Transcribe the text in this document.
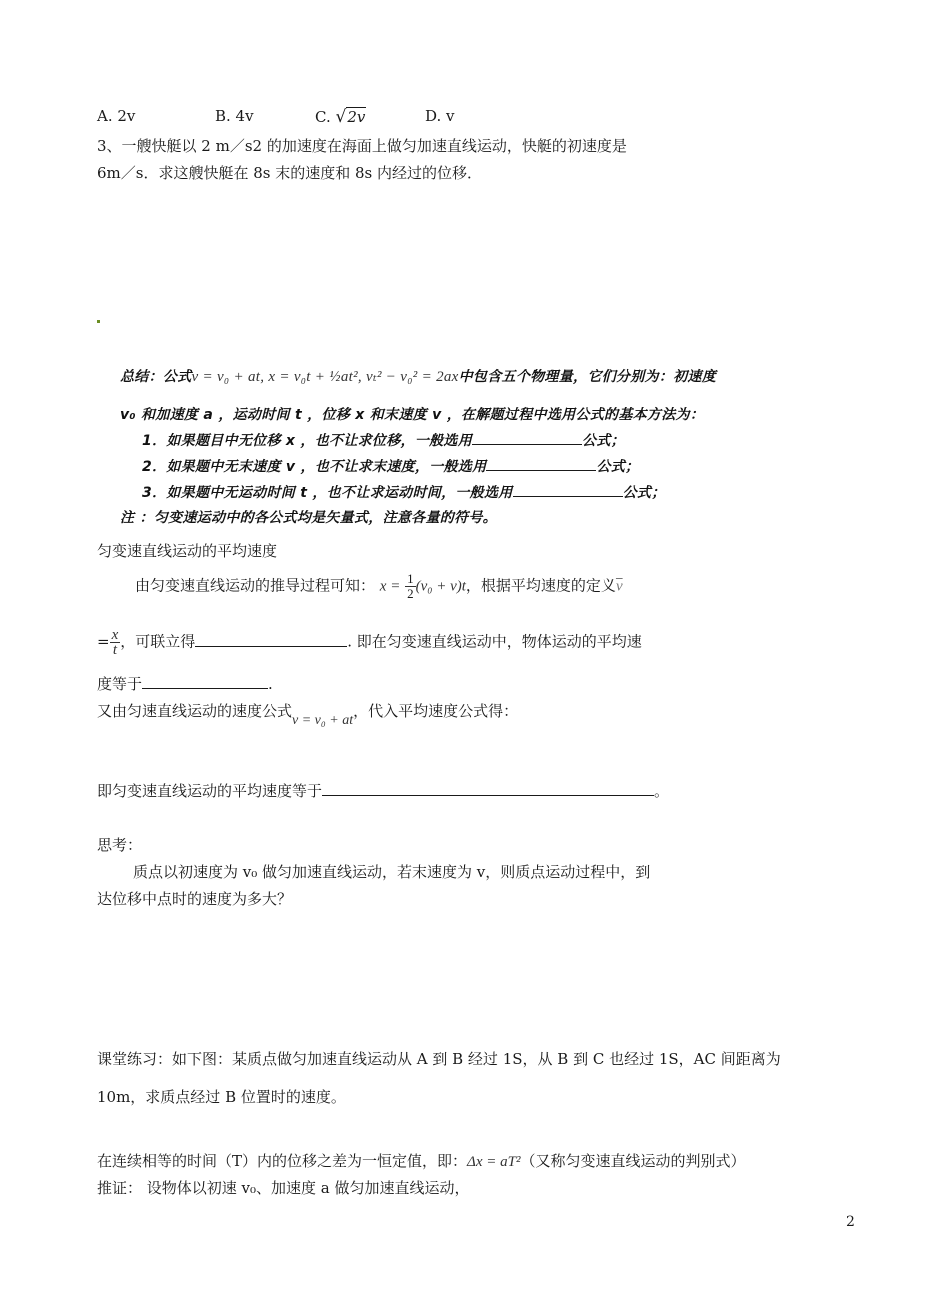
A. 2v	B. 4v	C. √2v	D. v
3、一艘快艇以 2 m／s2 的加速度在海面上做匀加速直线运动，快艇的初速度是
6m／s．求这艘快艇在 8s 末的速度和 8s 内经过的位移．
总结：公式v = v₀ + at, x = v₀t + ½at², vₜ² − v₀² = 2ax中包含五个物理量，它们分别为：初速度
v₀ 和加速度 a ，运动时间 t ，位移 x 和末速度 v ，在解题过程中选用公式的基本方法为：
1．如果题目中无位移 x ，也不让求位移，一般选用	公式；
2．如果题中无末速度 v ，也不让求末速度，一般选用	公式；
3．如果题中无运动时间 t ，也不让求运动时间，一般选用	公式；
注 ：匀变速运动中的各公式均是矢量式，注意各量的符号。
匀变速直线运动的平均速度
由匀变速直线运动的推导过程可知： $x = \frac{1}{2} (v_0 + v)t$，根据平均速度的定义$\overline{v}$
= $\frac{x}{t}$ ，可联立得	. 即在匀变速直线运动中，物体运动的平均速
度等于	.
又由匀速直线运动的速度公式v = v₀ + at，代入平均速度公式得：
即匀变速直线运动的平均速度等于	。
思考：
质点以初速度为 v₀ 做匀加速直线运动，若末速度为 v，则质点运动过程中，到
达位移中点时的速度为多大？
课堂练习：如下图：某质点做匀加速直线运动从 A 到 B 经过 1S，从 B 到 C 也经过 1S，AC 间距离为
10m，求质点经过 B 位置时的速度。
在连续相等的时间（T）内的位移之差为一恒定值，即：Δx = aT²（又称匀变速直线运动的判别式）
推证： 设物体以初速 v₀、加速度 a 做匀加速直线运动，
2
